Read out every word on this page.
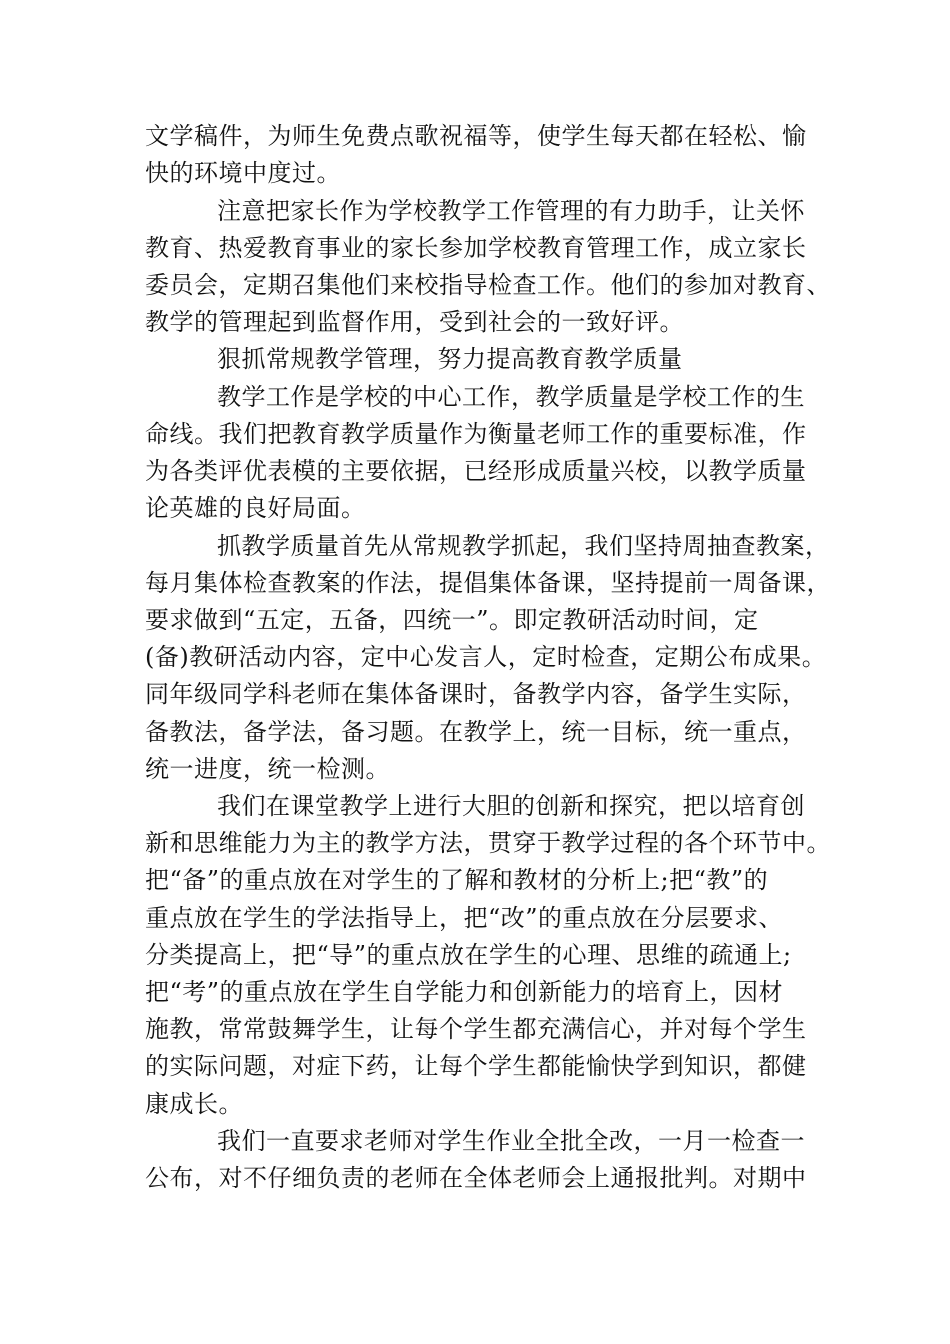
文学稿件，为师生免费点歌祝福等，使学生每天都在轻松、愉
快的环境中度过。
注意把家长作为学校教学工作管理的有力助手，让关怀
教育、热爱教育事业的家长参加学校教育管理工作，成立家长
委员会，定期召集他们来校指导检查工作。他们的参加对教育、
教学的管理起到监督作用，受到社会的一致好评。
狠抓常规教学管理，努力提高教育教学质量
教学工作是学校的中心工作，教学质量是学校工作的生
命线。我们把教育教学质量作为衡量老师工作的重要标准，作
为各类评优表模的主要依据，已经形成质量兴校，以教学质量
论英雄的良好局面。
抓教学质量首先从常规教学抓起，我们坚持周抽查教案，
每月集体检查教案的作法，提倡集体备课，坚持提前一周备课，
要求做到“五定，五备，四统一”。即定教研活动时间，定
(备)教研活动内容，定中心发言人，定时检查，定期公布成果。
同年级同学科老师在集体备课时，备教学内容，备学生实际，
备教法，备学法，备习题。在教学上，统一目标，统一重点，
统一进度，统一检测。
我们在课堂教学上进行大胆的创新和探究，把以培育创
新和思维能力为主的教学方法，贯穿于教学过程的各个环节中。
把“备”的重点放在对学生的了解和教材的分析上;把“教”的
重点放在学生的学法指导上，把“改”的重点放在分层要求、
分类提高上，把“导”的重点放在学生的心理、思维的疏通上;
把“考”的重点放在学生自学能力和创新能力的培育上，因材
施教，常常鼓舞学生，让每个学生都充满信心，并对每个学生
的实际问题，对症下药，让每个学生都能愉快学到知识，都健
康成长。
我们一直要求老师对学生作业全批全改，一月一检查一
公布，对不仔细负责的老师在全体老师会上通报批判。对期中
